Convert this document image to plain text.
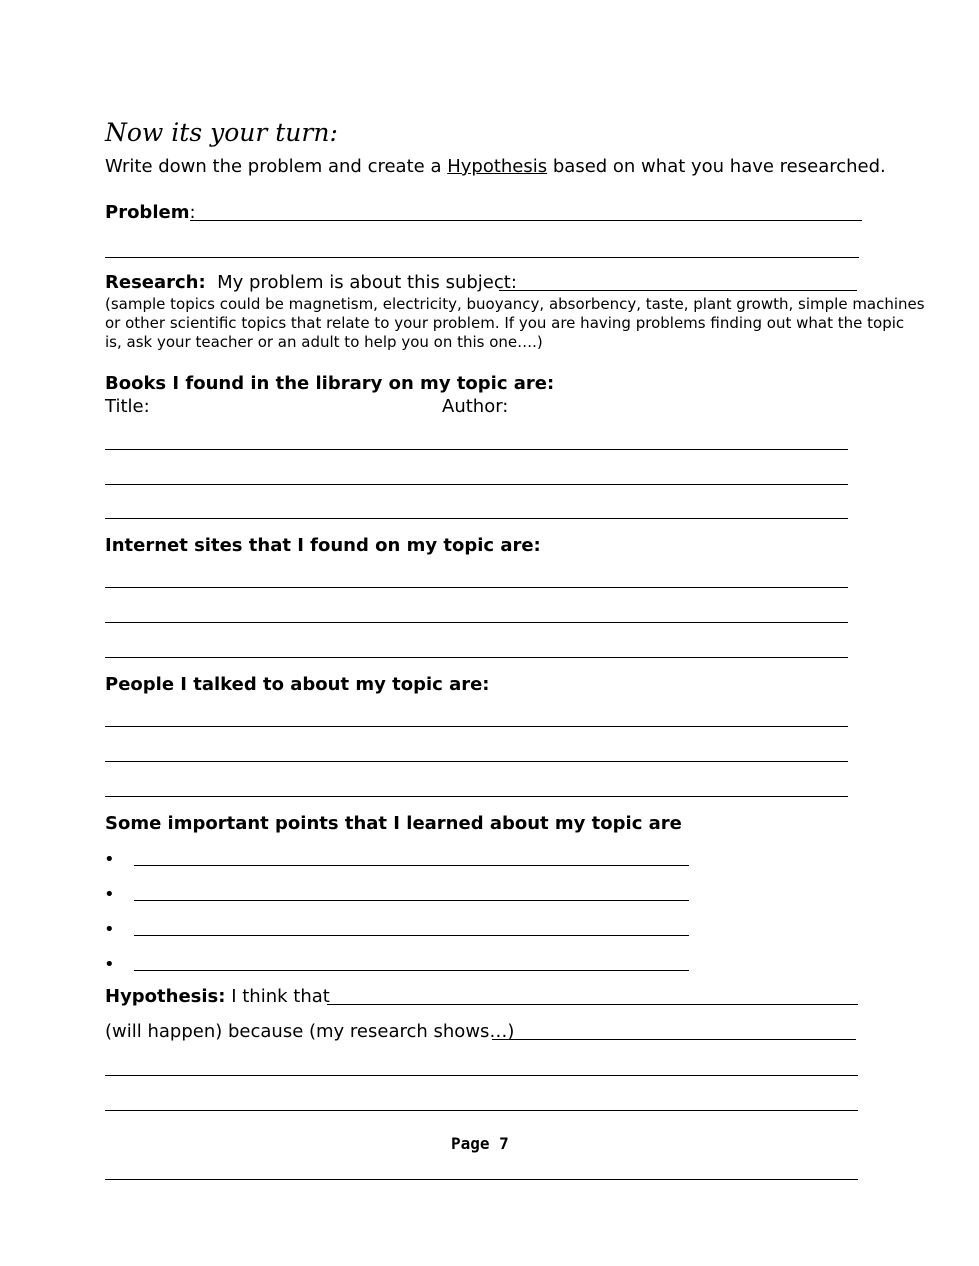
Now its your turn:
Write down the problem and create a Hypothesis based on what you have researched.
Problem:
Research: My problem is about this subject:
(sample topics could be magnetism, electricity, buoyancy, absorbency, taste, plant growth, simple machines
or other scientific topics that relate to your problem. If you are having problems finding out what the topic
is, ask your teacher or an adult to help you on this one….)
Books I found in the library on my topic are:
Title:	Author:
Internet sites that I found on my topic are:
People I talked to about my topic are:
Some important points that I learned about my topic are
•
•
•
•
Hypothesis: I think that
(will happen) because (my research shows…)
Page 7
